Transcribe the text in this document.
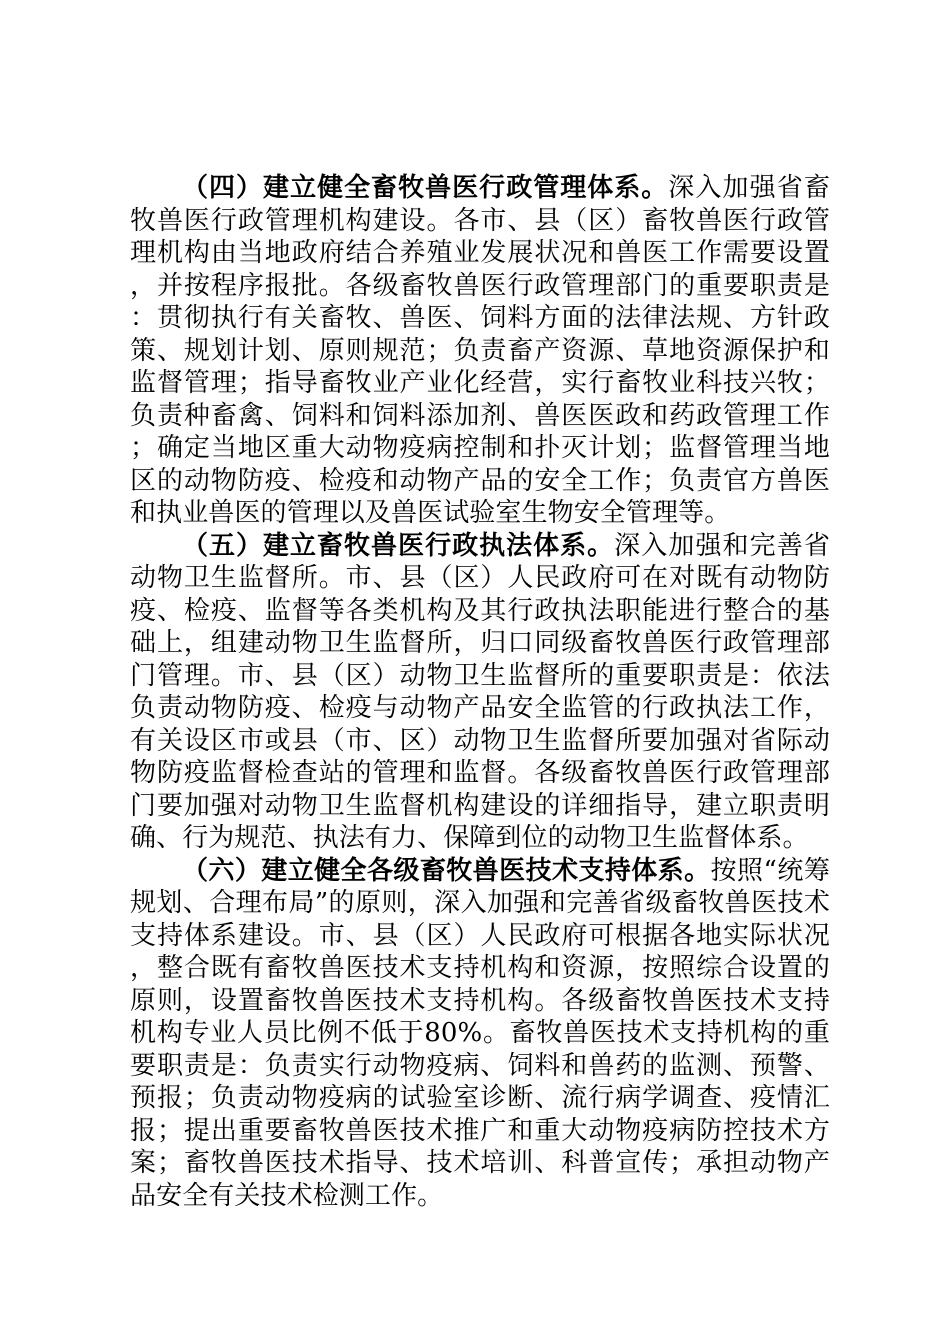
（四）建立健全畜牧兽医行政管理体系。深入加强省畜牧兽医行政管理机构建设。各市、县（区）畜牧兽医行政管理机构由当地政府结合养殖业发展状况和兽医工作需要设置，并按程序报批。各级畜牧兽医行政管理部门的重要职责是：贯彻执行有关畜牧、兽医、饲料方面的法律法规、方针政策、规划计划、原则规范；负责畜产资源、草地资源保护和监督管理；指导畜牧业产业化经营，实行畜牧业科技兴牧；负责种畜禽、饲料和饲料添加剂、兽医医政和药政管理工作；确定当地区重大动物疫病控制和扑灭计划；监督管理当地区的动物防疫、检疫和动物产品的安全工作；负责官方兽医和执业兽医的管理以及兽医试验室生物安全管理等。

（五）建立畜牧兽医行政执法体系。深入加强和完善省动物卫生监督所。市、县（区）人民政府可在对既有动物防疫、检疫、监督等各类机构及其行政执法职能进行整合的基础上，组建动物卫生监督所，归口同级畜牧兽医行政管理部门管理。市、县（区）动物卫生监督所的重要职责是：依法负责动物防疫、检疫与动物产品安全监管的行政执法工作，有关设区市或县（市、区）动物卫生监督所要加强对省际动物防疫监督检查站的管理和监督。各级畜牧兽医行政管理部门要加强对动物卫生监督机构建设的详细指导，建立职责明确、行为规范、执法有力、保障到位的动物卫生监督体系。

（六）建立健全各级畜牧兽医技术支持体系。按照“统筹规划、合理布局”的原则，深入加强和完善省级畜牧兽医技术支持体系建设。市、县（区）人民政府可根据各地实际状况，整合既有畜牧兽医技术支持机构和资源，按照综合设置的原则，设置畜牧兽医技术支持机构。各级畜牧兽医技术支持机构专业人员比例不低于80%。畜牧兽医技术支持机构的重要职责是：负责实行动物疫病、饲料和兽药的监测、预警、预报；负责动物疫病的试验室诊断、流行病学调查、疫情汇报；提出重要畜牧兽医技术推广和重大动物疫病防控技术方案；畜牧兽医技术指导、技术培训、科普宣传；承担动物产品安全有关技术检测工作。
